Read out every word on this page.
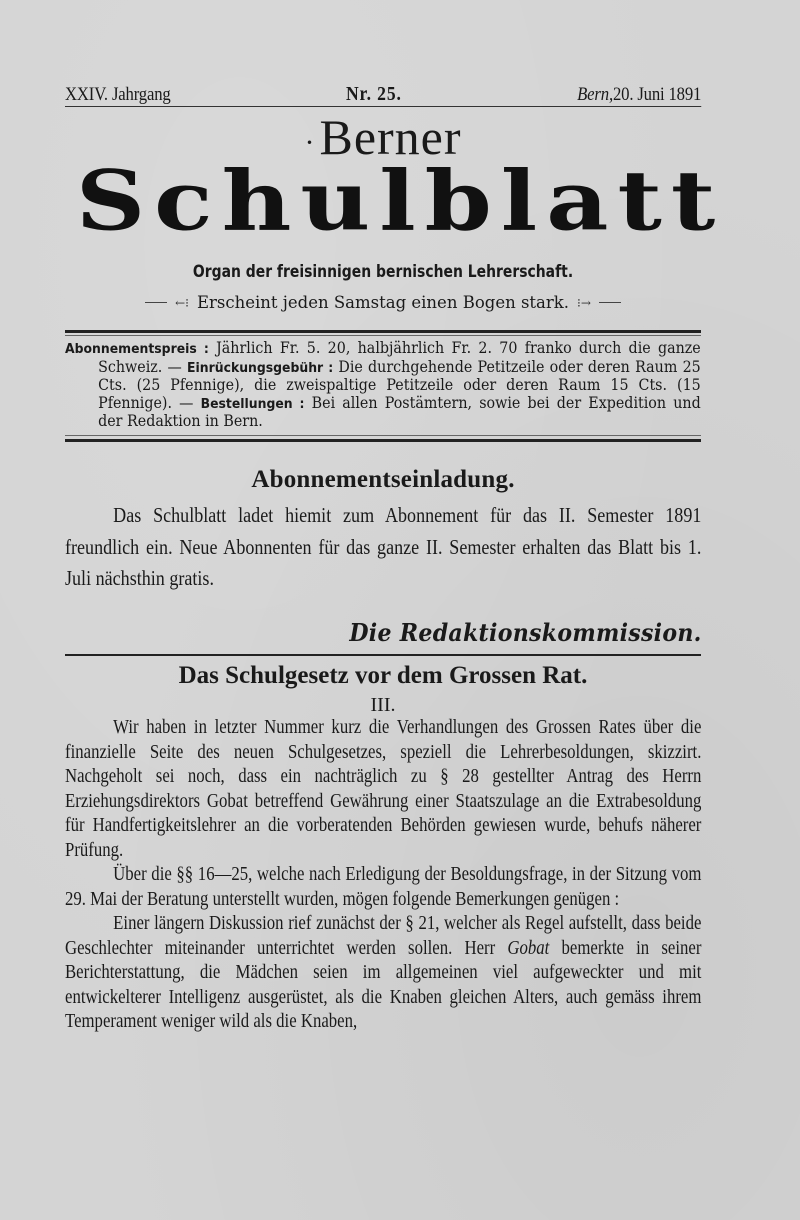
XXIV. Jahrgang	Nr. 25.	Bern,20. Juni 1891
·Berner
Schulblatt
Organ der freisinnigen bernischen Lehrerschaft.
←⁝ Erscheint jeden Samstag einen Bogen stark. ⁝→

Abonnementspreis : Jährlich Fr. 5. 20, halbjährlich Fr. 2. 70 franko durch die ganze Schweiz. — Einrückungsgebühr : Die durchgehende Petitzeile oder deren Raum 25 Cts. (25 Pfennige), die zweispaltige Petitzeile oder deren Raum 15 Cts. (15 Pfennige). — Bestellungen : Bei allen Postämtern, sowie bei der Expedition und der Redaktion in Bern.

Abonnementseinladung.

Das Schulblatt ladet hiemit zum Abonnement für das II. Semester 1891 freundlich ein. Neue Abonnenten für das ganze II. Semester erhalten das Blatt bis 1. Juli nächsthin gratis.

Die Redaktionskommission.
Das Schulgesetz vor dem Grossen Rat.
III.

Wir haben in letzter Nummer kurz die Verhandlungen des Grossen Rates über die finanzielle Seite des neuen Schulgesetzes, speziell die Lehrerbesoldungen, skizzirt. Nachgeholt sei noch, dass ein nachträglich zu § 28 gestellter Antrag des Herrn Erziehungsdirektors Gobat betreffend Gewährung einer Staatszulage an die Extrabesoldung für Handfertigkeitslehrer an die vorberatenden Behörden gewiesen wurde, behufs näherer Prüfung.

Über die §§ 16—25, welche nach Erledigung der Besoldungsfrage, in der Sitzung vom 29. Mai der Beratung unterstellt wurden, mögen folgende Bemerkungen genügen :

Einer längern Diskussion rief zunächst der § 21, welcher als Regel aufstellt, dass beide Geschlechter miteinander unterrichtet werden sollen. Herr Gobat bemerkte in seiner Berichterstattung, die Mädchen seien im allgemeinen viel aufgeweckter und mit entwickelterer Intelligenz ausgerüstet, als die Knaben gleichen Alters, auch gemäss ihrem Temperament weniger wild als die Knaben,
